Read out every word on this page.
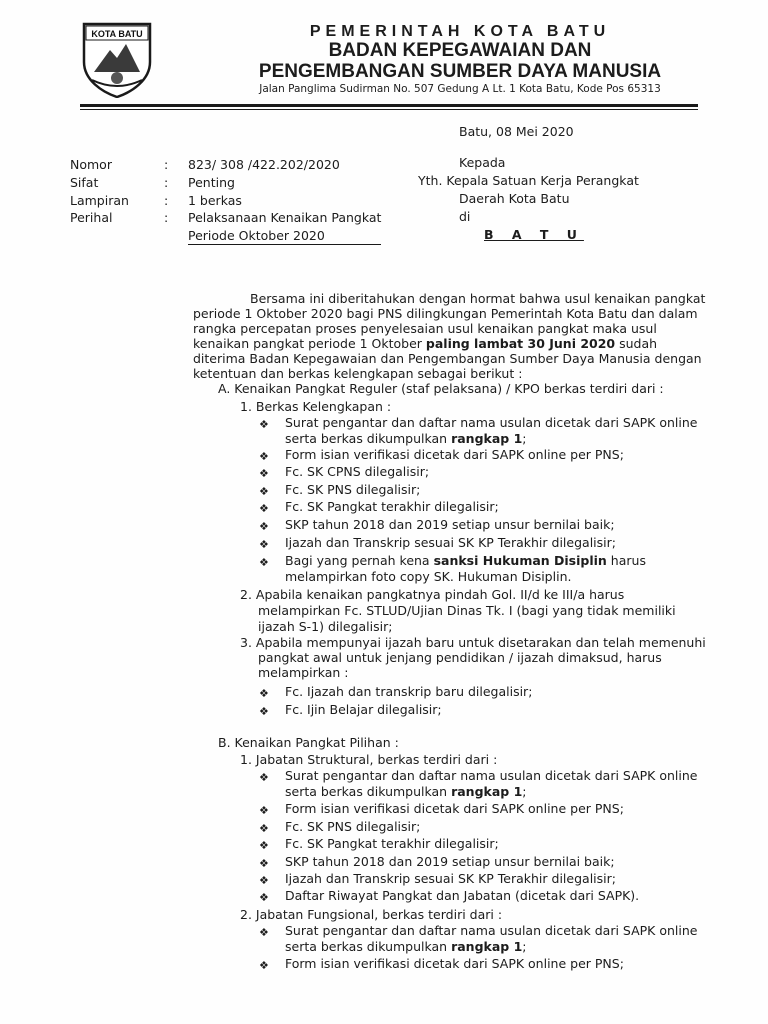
KOTA BATU	PEMERINTAH KOTA BATU
BADAN KEPEGAWAIAN DAN
PENGEMBANGAN SUMBER DAYA MANUSIA
Jalan Panglima Sudirman No. 507 Gedung A Lt. 1 Kota Batu, Kode Pos 65313
Batu, 08 Mei 2020
Kepada
Yth. Kepala Satuan Kerja Perangkat
Daerah Kota Batu
di
B A T U
Nomor	: 823/ 308 /422.202/2020
Sifat	: Penting
Lampiran	: 1 berkas
Perihal	: Pelaksanaan Kenaikan Pangkat
Periode Oktober 2020
Bersama ini diberitahukan dengan hormat bahwa usul kenaikan pangkat
periode 1 Oktober 2020 bagi PNS dilingkungan Pemerintah Kota Batu dan dalam
rangka percepatan proses penyelesaian usul kenaikan pangkat maka usul
kenaikan pangkat periode 1 Oktober paling lambat 30 Juni 2020 sudah
diterima Badan Kepegawaian dan Pengembangan Sumber Daya Manusia dengan
ketentuan dan berkas kelengkapan sebagai berikut :
A. Kenaikan Pangkat Reguler (staf pelaksana) / KPO berkas terdiri dari :
1. Berkas Kelengkapan :
❖ Surat pengantar dan daftar nama usulan dicetak dari SAPK online
serta berkas dikumpulkan rangkap 1;
❖ Form isian verifikasi dicetak dari SAPK online per PNS;
❖ Fc. SK CPNS dilegalisir;
❖ Fc. SK PNS dilegalisir;
❖ Fc. SK Pangkat terakhir dilegalisir;
❖ SKP tahun 2018 dan 2019 setiap unsur bernilai baik;
❖ Ijazah dan Transkrip sesuai SK KP Terakhir dilegalisir;
❖ Bagi yang pernah kena sanksi Hukuman Disiplin harus
melampirkan foto copy SK. Hukuman Disiplin.
2. Apabila kenaikan pangkatnya pindah Gol. II/d ke III/a harus
melampirkan Fc. STLUD/Ujian Dinas Tk. I (bagi yang tidak memiliki
ijazah S-1) dilegalisir;
3. Apabila mempunyai ijazah baru untuk disetarakan dan telah memenuhi
pangkat awal untuk jenjang pendidikan / ijazah dimaksud, harus
melampirkan :
❖ Fc. Ijazah dan transkrip baru dilegalisir;
❖ Fc. Ijin Belajar dilegalisir;
B. Kenaikan Pangkat Pilihan :
1. Jabatan Struktural, berkas terdiri dari :
❖ Surat pengantar dan daftar nama usulan dicetak dari SAPK online
serta berkas dikumpulkan rangkap 1;
❖ Form isian verifikasi dicetak dari SAPK online per PNS;
❖ Fc. SK PNS dilegalisir;
❖ Fc. SK Pangkat terakhir dilegalisir;
❖ SKP tahun 2018 dan 2019 setiap unsur bernilai baik;
❖ Ijazah dan Transkrip sesuai SK KP Terakhir dilegalisir;
❖ Daftar Riwayat Pangkat dan Jabatan (dicetak dari SAPK).
2. Jabatan Fungsional, berkas terdiri dari :
❖ Surat pengantar dan daftar nama usulan dicetak dari SAPK online
serta berkas dikumpulkan rangkap 1;
❖ Form isian verifikasi dicetak dari SAPK online per PNS;
